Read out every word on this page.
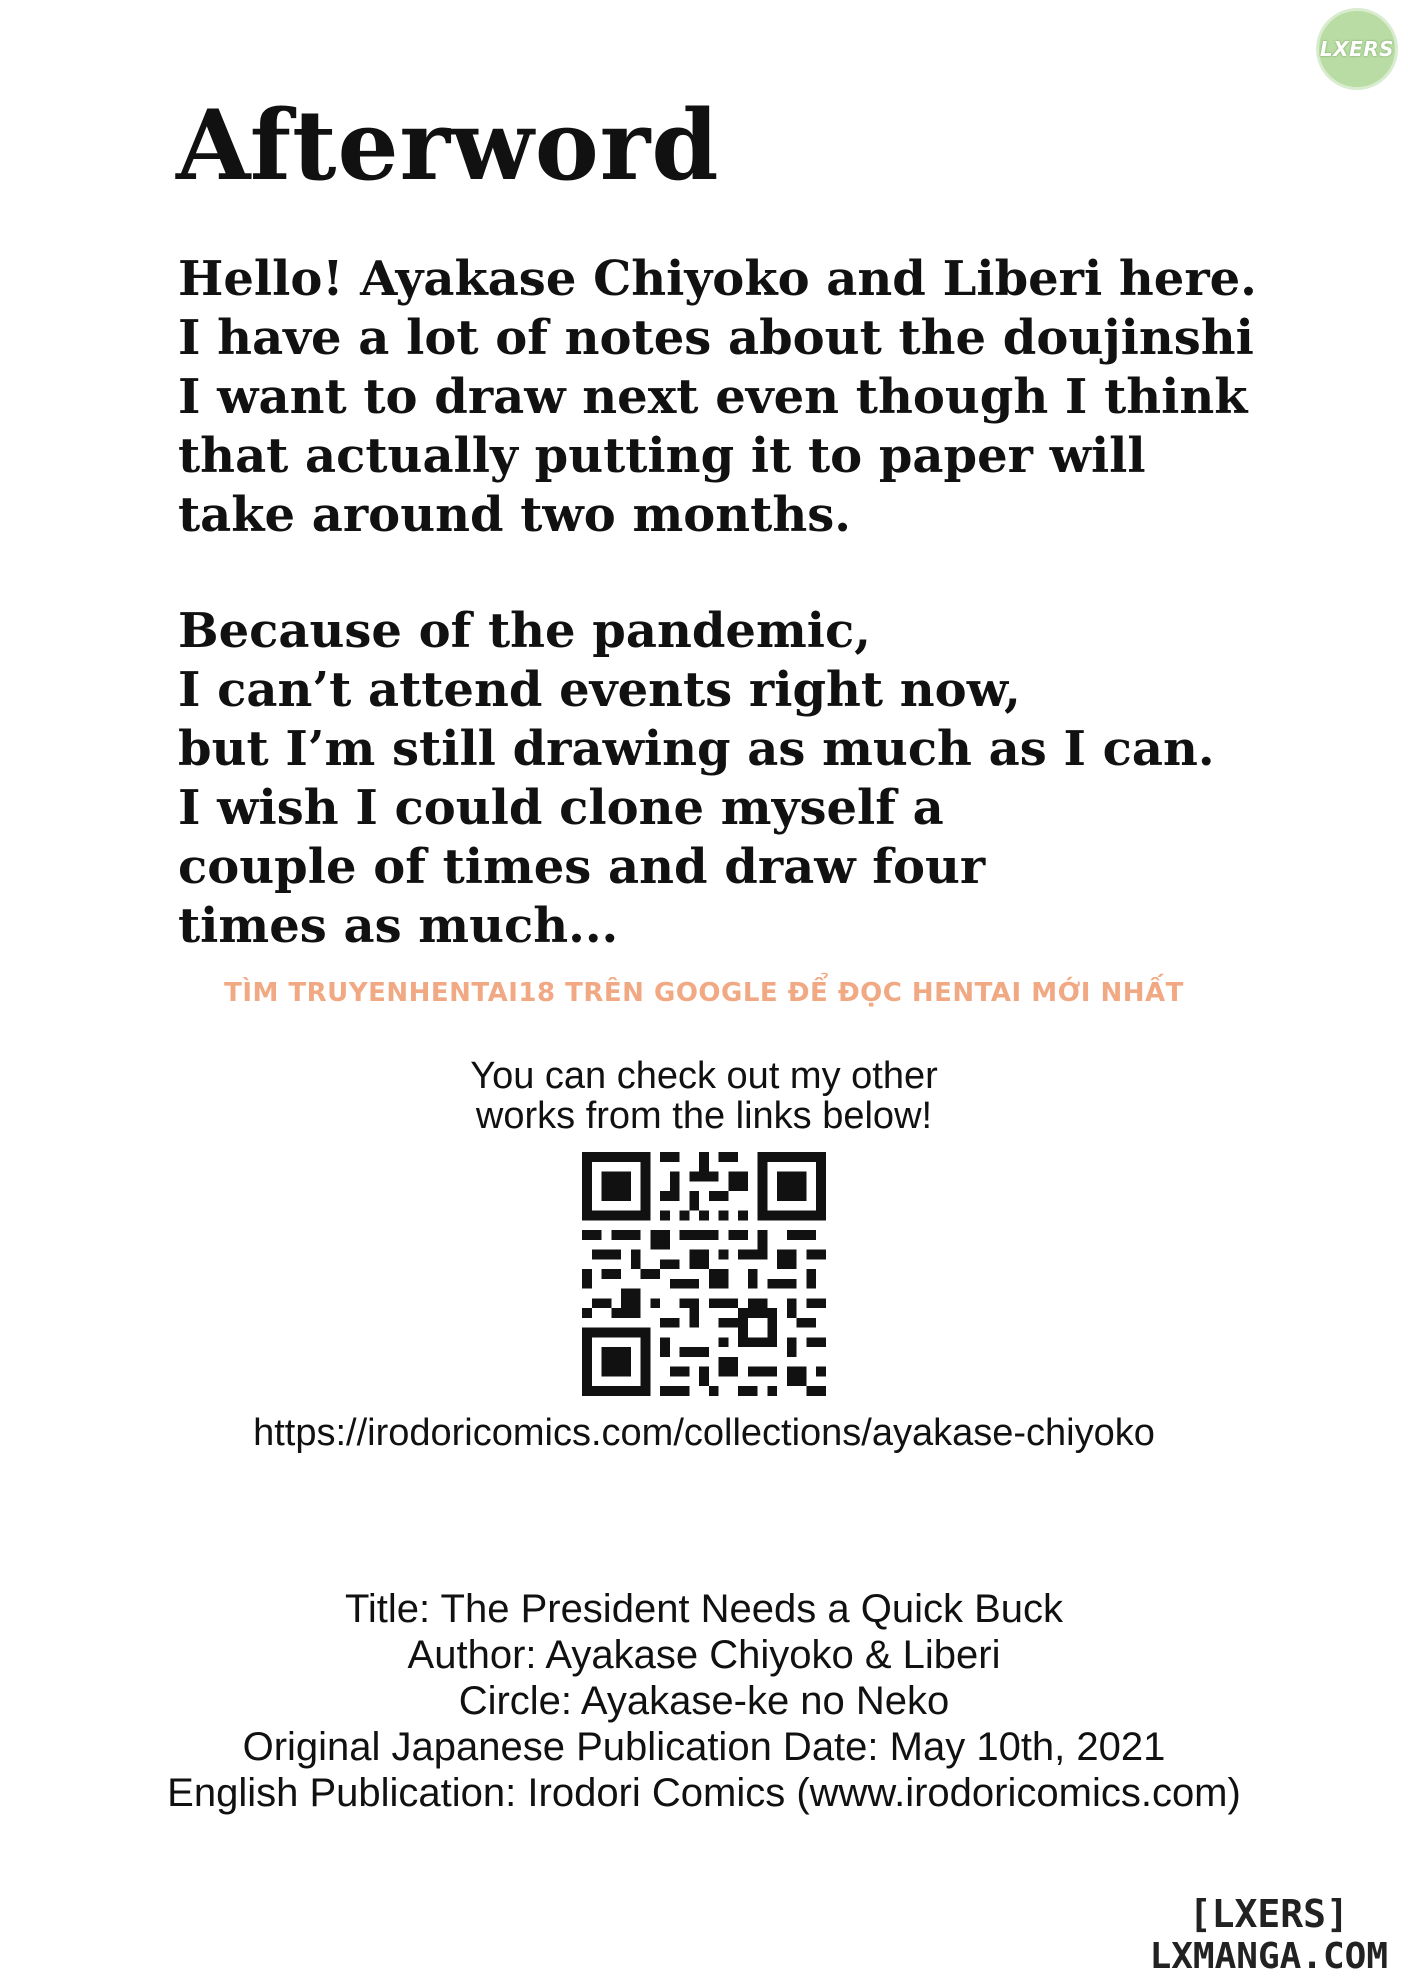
LXERS
Afterword

Hello! Ayakase Chiyoko and Liberi here.
I have a lot of notes about the doujinshi
I want to draw next even though I think
that actually putting it to paper will
take around two months.

Because of the pandemic,
I can’t attend events right now,
but I’m still drawing as much as I can.
I wish I could clone myself a
couple of times and draw four
times as much...

TÌM TRUYENHENTAI18 TRÊN GOOGLE ĐỂ ĐỌC HENTAI MỚI NHẤT
You can check out my other
works from the links below!
https://irodoricomics.com/collections/ayakase-chiyoko
Title: The President Needs a Quick Buck
Author: Ayakase Chiyoko & Liberi
Circle: Ayakase-ke no Neko
Original Japanese Publication Date: May 10th, 2021
English Publication: Irodori Comics (www.irodoricomics.com)
[LXERS]
LXMANGA.COM
